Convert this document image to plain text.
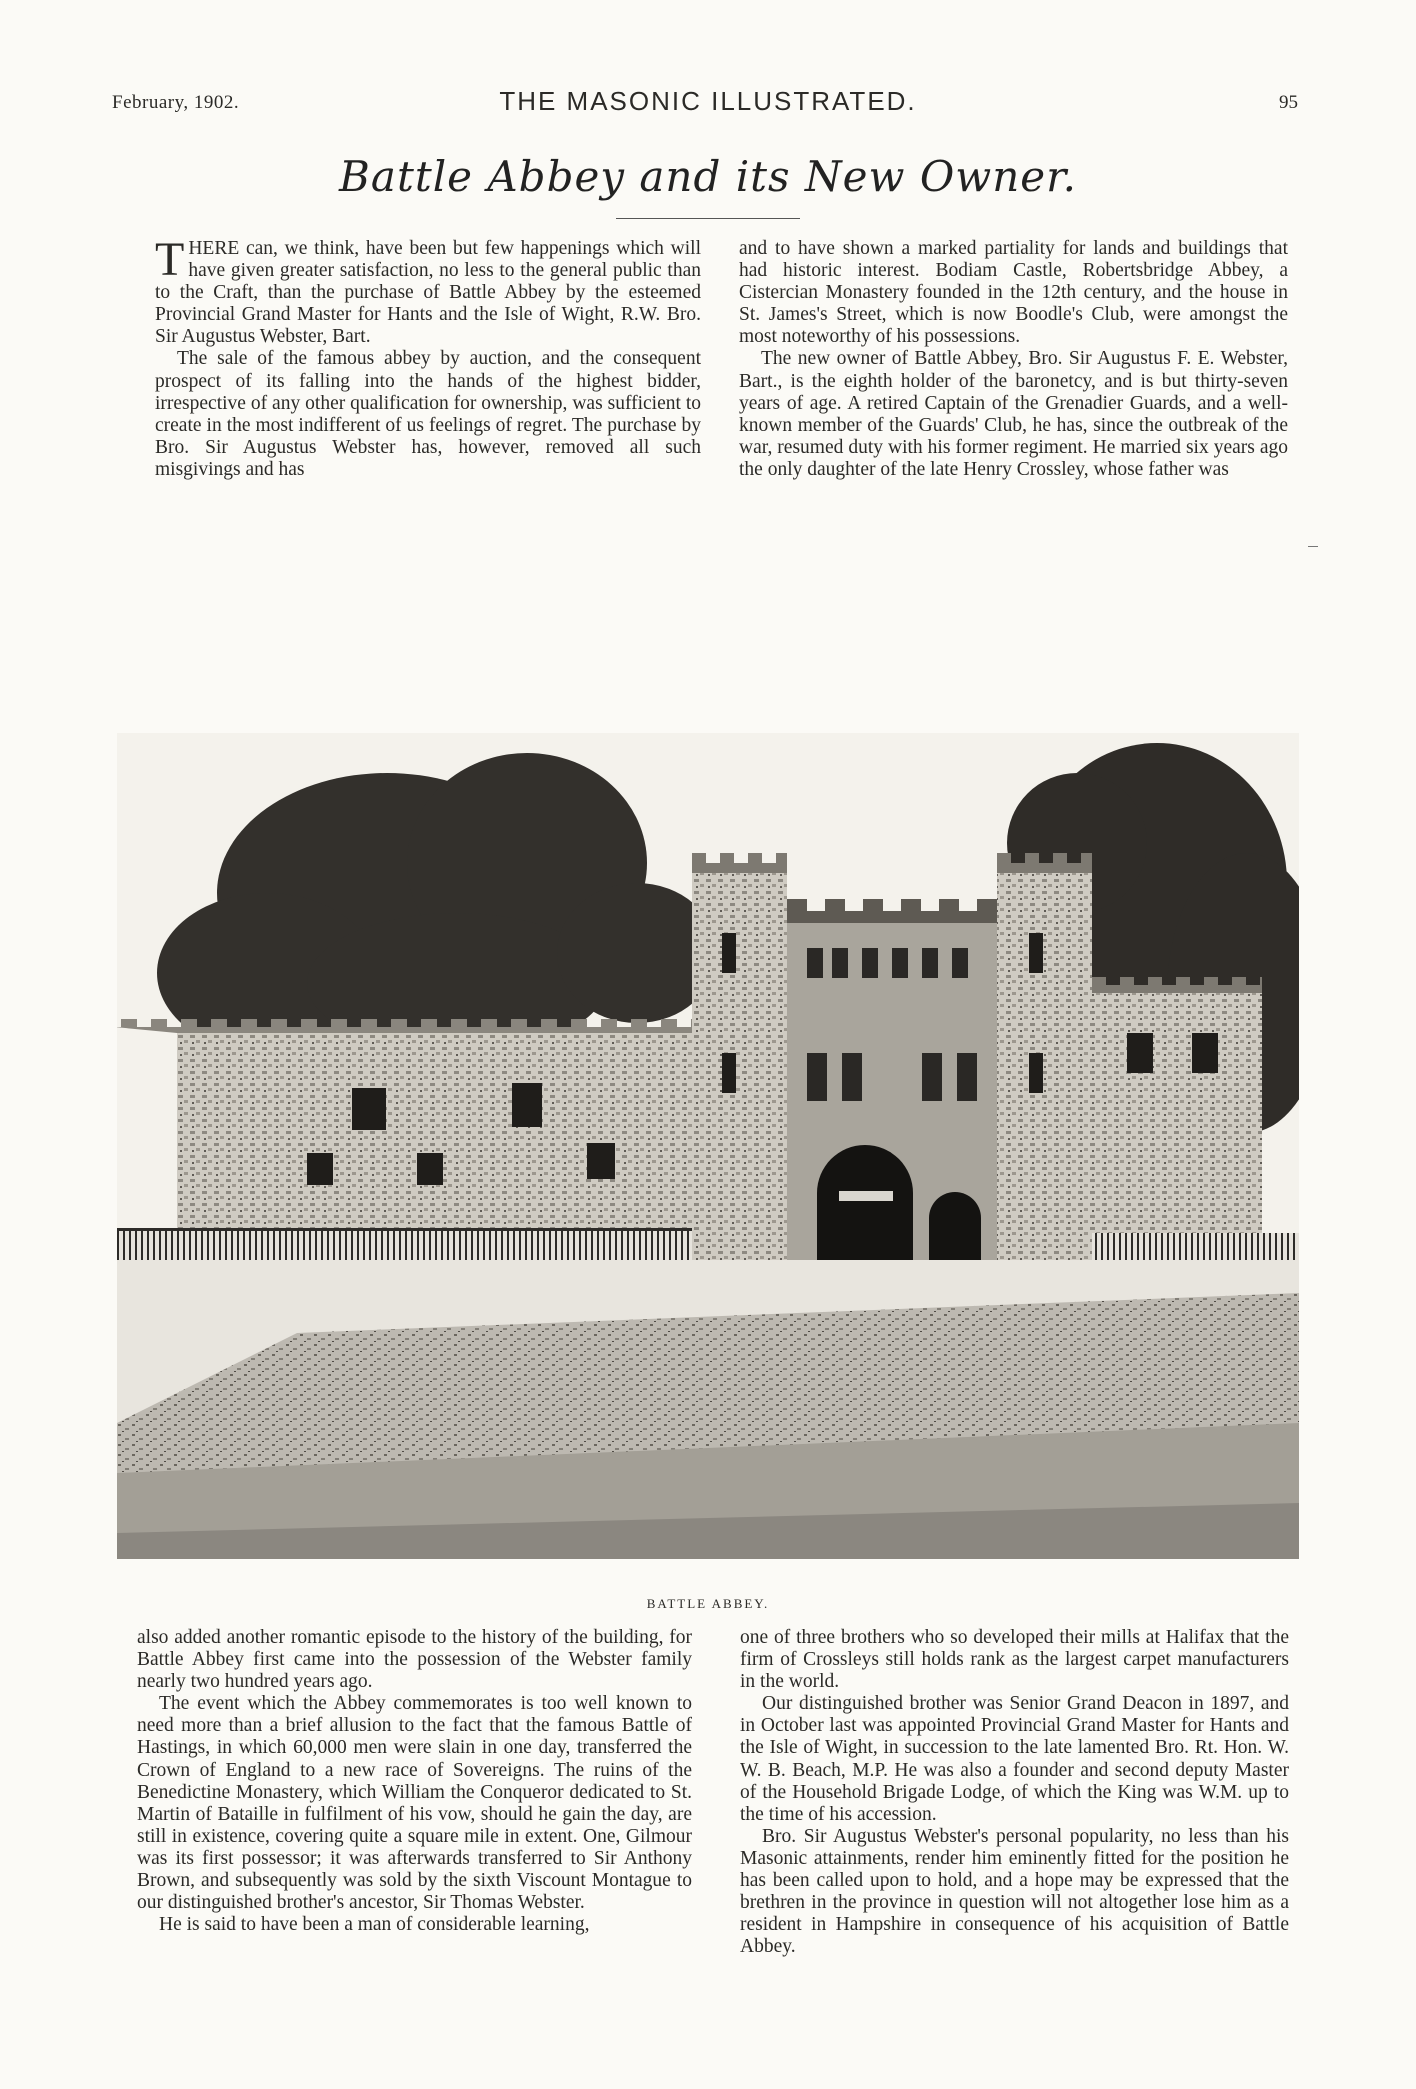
February, 1902.	THE MASONIC ILLUSTRATED.	95
Battle Abbey and its New Owner.

THERE can, we think, have been but few happenings which will have given greater satisfaction, no less to the general public than to the Craft, than the purchase of Battle Abbey by the esteemed Provincial Grand Master for Hants and the Isle of Wight, R.W. Bro. Sir Augustus Webster, Bart.

The sale of the famous abbey by auction, and the consequent prospect of its falling into the hands of the highest bidder, irrespective of any other qualification for ownership, was sufficient to create in the most indifferent of us feelings of regret. The purchase by Bro. Sir Augustus Webster has, however, removed all such misgivings and has

and to have shown a marked partiality for lands and buildings that had historic interest. Bodiam Castle, Robertsbridge Abbey, a Cistercian Monastery founded in the 12th century, and the house in St. James's Street, which is now Boodle's Club, were amongst the most noteworthy of his possessions.

The new owner of Battle Abbey, Bro. Sir Augustus F. E. Webster, Bart., is the eighth holder of the baronetcy, and is but thirty-seven years of age. A retired Captain of the Grenadier Guards, and a well-known member of the Guards' Club, he has, since the outbreak of the war, resumed duty with his former regiment. He married six years ago the only daughter of the late Henry Crossley, whose father was

BATTLE ABBEY.

also added another romantic episode to the history of the building, for Battle Abbey first came into the possession of the Webster family nearly two hundred years ago.

The event which the Abbey commemorates is too well known to need more than a brief allusion to the fact that the famous Battle of Hastings, in which 60,000 men were slain in one day, transferred the Crown of England to a new race of Sovereigns. The ruins of the Benedictine Monastery, which William the Conqueror dedicated to St. Martin of Bataille in fulfilment of his vow, should he gain the day, are still in existence, covering quite a square mile in extent. One, Gilmour was its first possessor; it was afterwards transferred to Sir Anthony Brown, and subsequently was sold by the sixth Viscount Montague to our distinguished brother's ancestor, Sir Thomas Webster.

He is said to have been a man of considerable learning,

one of three brothers who so developed their mills at Halifax that the firm of Crossleys still holds rank as the largest carpet manufacturers in the world.

Our distinguished brother was Senior Grand Deacon in 1897, and in October last was appointed Provincial Grand Master for Hants and the Isle of Wight, in succession to the late lamented Bro. Rt. Hon. W. W. B. Beach, M.P. He was also a founder and second deputy Master of the Household Brigade Lodge, of which the King was W.M. up to the time of his accession.

Bro. Sir Augustus Webster's personal popularity, no less than his Masonic attainments, render him eminently fitted for the position he has been called upon to hold, and a hope may be expressed that the brethren in the province in question will not altogether lose him as a resident in Hampshire in consequence of his acquisition of Battle Abbey.
